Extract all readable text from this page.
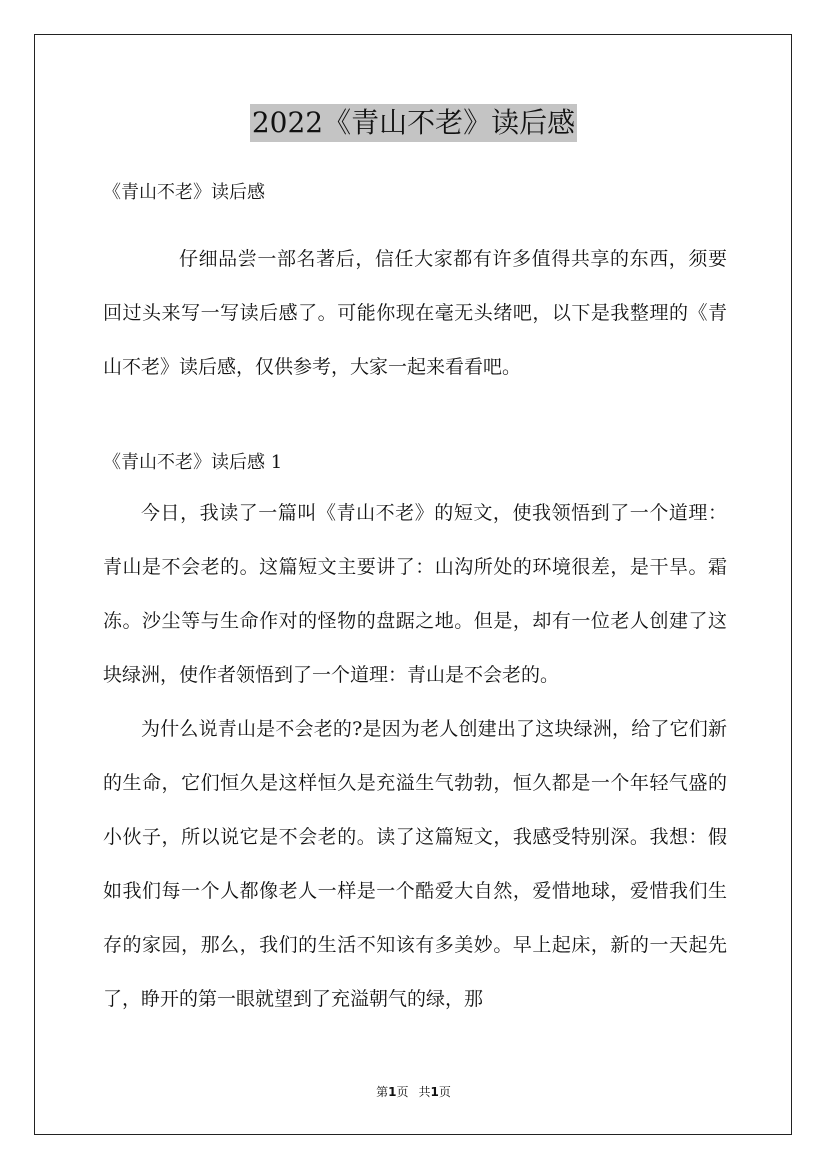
2022《青山不老》读后感

《青山不老》读后感

仔细品尝一部名著后，信任大家都有许多值得共享的东西，须要回过头来写一写读后感了。可能你现在毫无头绪吧，以下是我整理的《青山不老》读后感，仅供参考，大家一起来看看吧。

《青山不老》读后感 1

今日，我读了一篇叫《青山不老》的短文，使我领悟到了一个道理：青山是不会老的。这篇短文主要讲了：山沟所处的环境很差，是干旱。霜冻。沙尘等与生命作对的怪物的盘踞之地。但是，却有一位老人创建了这块绿洲，使作者领悟到了一个道理：青山是不会老的。

为什么说青山是不会老的?是因为老人创建出了这块绿洲，给了它们新的生命，它们恒久是这样恒久是充溢生气勃勃，恒久都是一个年轻气盛的小伙子，所以说它是不会老的。读了这篇短文，我感受特别深。我想：假如我们每一个人都像老人一样是一个酷爱大自然，爱惜地球，爱惜我们生存的家园，那么，我们的生活不知该有多美妙。早上起床，新的一天起先了，睁开的第一眼就望到了充溢朝气的绿，那

第1页 共1页
